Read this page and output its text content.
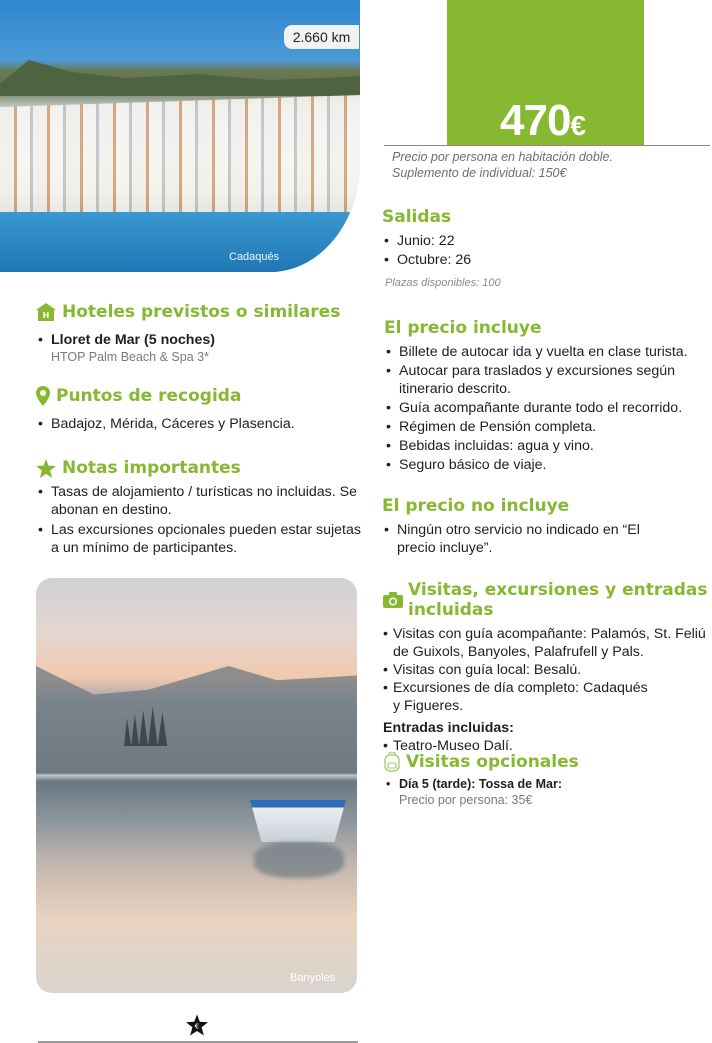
2.660 km
Cadaqués
470€
Precio por persona en habitación doble.
Suplemento de individual: 150€
H Hoteles previstos o similares
• Lloret de Mar (5 noches)
HTOP Palm Beach & Spa 3*
Puntos de recogida
• Badajoz, Mérida, Cáceres y Plasencia.
Notas importantes
• Tasas de alojamiento / turísticas no incluidas. Se abonan en destino.
• Las excursiones opcionales pueden estar sujetas a un mínimo de participantes.
Banyoles
Salidas
• Junio: 22
• Octubre: 26
Plazas disponibles: 100
El precio incluye
• Billete de autocar ida y vuelta en clase turista.
• Autocar para traslados y excursiones según itinerario descrito.
• Guía acompañante durante todo el recorrido.
• Régimen de Pensión completa.
• Bebidas incluidas: agua y vino.
• Seguro básico de viaje.
El precio no incluye
• Ningún otro servicio no indicado en “El precio incluye”.
Visitas, excursiones y entradas incluidas
• Visitas con guía acompañante: Palamós, St. Feliú de Guixols, Banyoles, Palafrufell y Pals.
• Visitas con guía local: Besalú.
• Excursiones de día completo: Cadaqués y Figueres.
Entradas incluidas:
• Teatro-Museo Dalí.
Visitas opcionales
• Día 5 (tarde): Tossa de Mar:
Precio por persona: 35€
€
